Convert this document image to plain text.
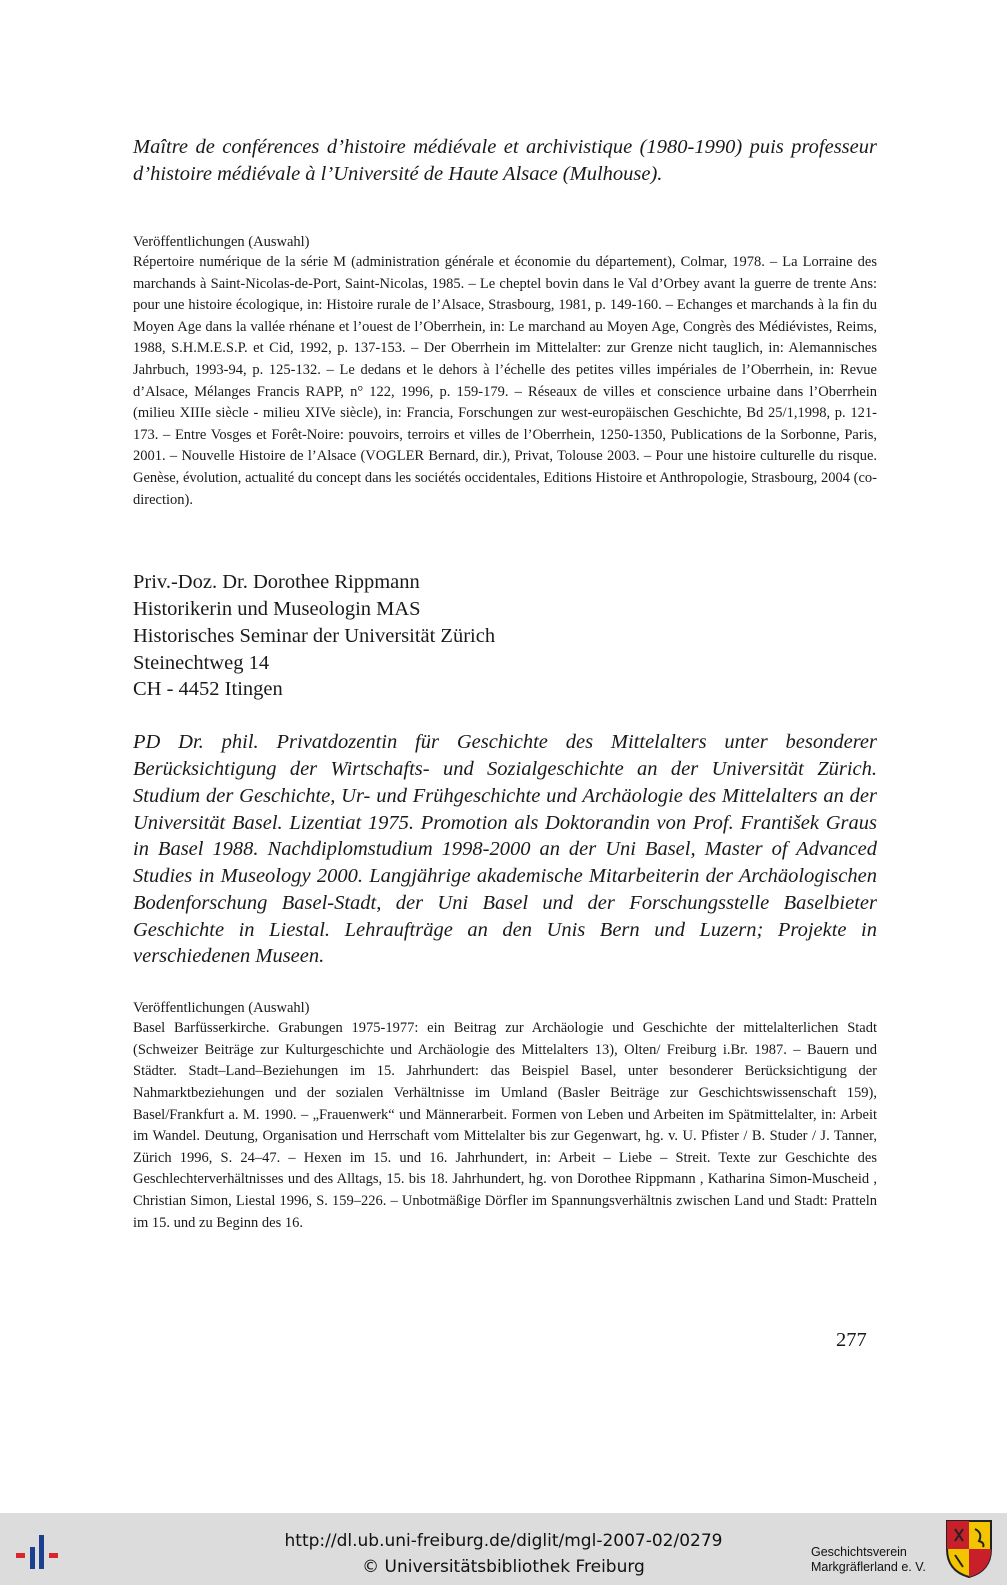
Maître de conférences d’histoire médiévale et archivistique (1980-1990) puis professeur d’histoire médiévale à l’Université de Haute Alsace (Mulhouse).

Veröffentlichungen (Auswahl)

Répertoire numérique de la série M (administration générale et économie du département), Colmar, 1978. – La Lorraine des marchands à Saint-Nicolas-de-Port, Saint-Nicolas, 1985. – Le cheptel bovin dans le Val d’Orbey avant la guerre de trente Ans: pour une histoire écologique, in: Histoire rurale de l’Alsace, Strasbourg, 1981, p. 149-160. – Echanges et marchands à la fin du Moyen Age dans la vallée rhénane et l’ouest de l’Oberrhein, in: Le marchand au Moyen Age, Congrès des Médiévistes, Reims, 1988, S.H.M.E.S.P. et Cid, 1992, p. 137-153. – Der Oberrhein im Mittelalter: zur Grenze nicht tauglich, in: Alemannisches Jahrbuch, 1993-94, p. 125-132. – Le dedans et le dehors à l’échelle des petites villes impériales de l’Oberrhein, in: Revue d’Alsace, Mélanges Francis RAPP, n° 122, 1996, p. 159-179. – Réseaux de villes et conscience urbaine dans l’Oberrhein (milieu XIIIe siècle - milieu XIVe siècle), in: Francia, Forschungen zur west-europäischen Geschichte, Bd 25/1,1998, p. 121-173. – Entre Vosges et Forêt-Noire: pouvoirs, terroirs et villes de l’Oberrhein, 1250-1350, Publications de la Sorbonne, Paris, 2001. – Nouvelle Histoire de l’Alsace (VOGLER Bernard, dir.), Privat, Tolouse 2003. – Pour une histoire culturelle du risque. Genèse, évolution, actualité du concept dans les sociétés occidentales, Editions Histoire et Anthropologie, Strasbourg, 2004 (co-direction).

Priv.-Doz. Dr. Dorothee Rippmann

Historikerin und Museologin MAS

Historisches Seminar der Universität Zürich

Steinechtweg 14

CH - 4452 Itingen

PD Dr. phil. Privatdozentin für Geschichte des Mittelalters unter besonderer Berücksichtigung der Wirtschafts- und Sozialgeschichte an der Universität Zürich. Studium der Geschichte, Ur- und Frühgeschichte und Archäologie des Mittelalters an der Universität Basel. Lizentiat 1975. Promotion als Doktorandin von Prof. František Graus in Basel 1988. Nachdiplomstudium 1998-2000 an der Uni Basel, Master of Advanced Studies in Museology 2000. Langjährige akademische Mitarbeiterin der Archäologischen Bodenforschung Basel-Stadt, der Uni Basel und der Forschungsstelle Baselbieter Geschichte in Liestal. Lehraufträge an den Unis Bern und Luzern; Projekte in verschiedenen Museen.

Veröffentlichungen (Auswahl)

Basel Barfüsserkirche. Grabungen 1975-1977: ein Beitrag zur Archäologie und Geschichte der mittelalterlichen Stadt (Schweizer Beiträge zur Kulturgeschichte und Archäologie des Mittelalters 13), Olten/ Freiburg i.Br. 1987. – Bauern und Städter. Stadt–Land–Beziehungen im 15. Jahrhundert: das Beispiel Basel, unter besonderer Berücksichtigung der Nahmarktbeziehungen und der sozialen Verhältnisse im Umland (Basler Beiträge zur Geschichtswissenschaft 159), Basel/Frankfurt a. M. 1990. – „Frauenwerk“ und Männerarbeit. Formen von Leben und Arbeiten im Spätmittelalter, in: Arbeit im Wandel. Deutung, Organisation und Herrschaft vom Mittelalter bis zur Gegenwart, hg. v. U. Pfister / B. Studer / J. Tanner, Zürich 1996, S. 24–47. – Hexen im 15. und 16. Jahrhundert, in: Arbeit – Liebe – Streit. Texte zur Geschichte des Geschlechterverhältnisses und des Alltags, 15. bis 18. Jahrhundert, hg. von Dorothee Rippmann , Katharina Simon-Muscheid , Christian Simon, Liestal 1996, S. 159–226. – Unbotmäßige Dörfler im Spannungsverhältnis zwischen Land und Stadt: Pratteln im 15. und zu Beginn des 16.

277
http://dl.ub.uni-freiburg.de/diglit/mgl-2007-02/0279
© Universitätsbibliothek Freiburg
Geschichtsverein
Markgräflerland e. V.
